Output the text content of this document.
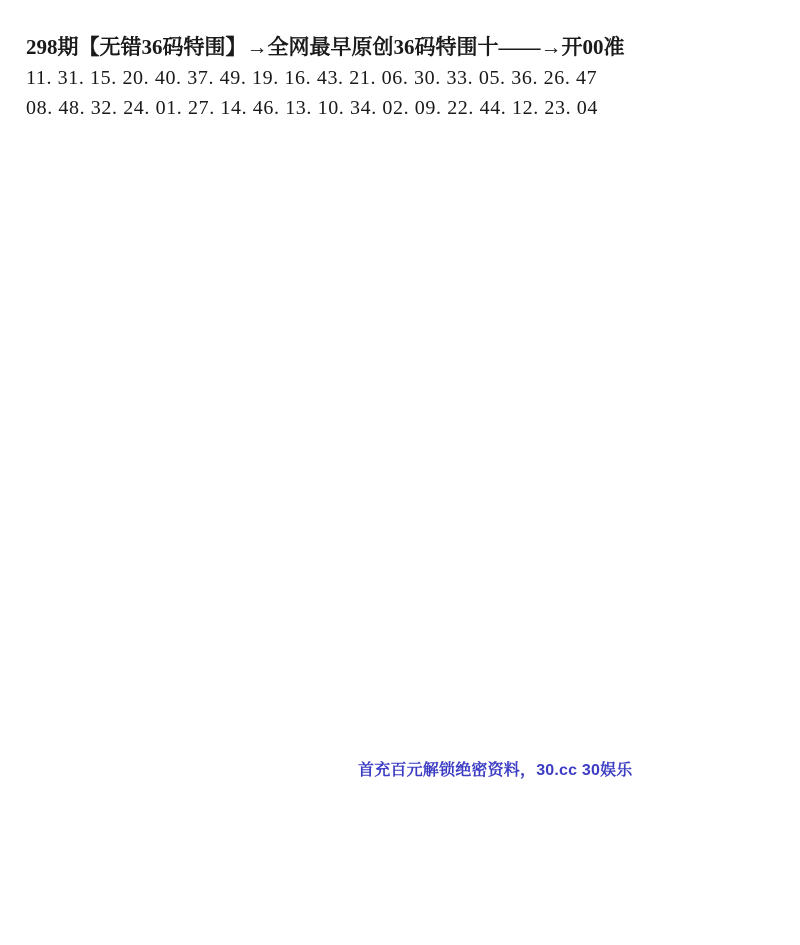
298期【无错36码特围】→全网最早原创36码特围十——→开00准
11. 31. 15. 20. 40. 37. 49. 19. 16. 43. 21. 06. 30. 33. 05. 36. 26. 47
08. 48. 32. 24. 01. 27. 14. 46. 13. 10. 34. 02. 09. 22. 44. 12. 23. 04
首充百元解锁绝密资料，30.cc 30娱乐
